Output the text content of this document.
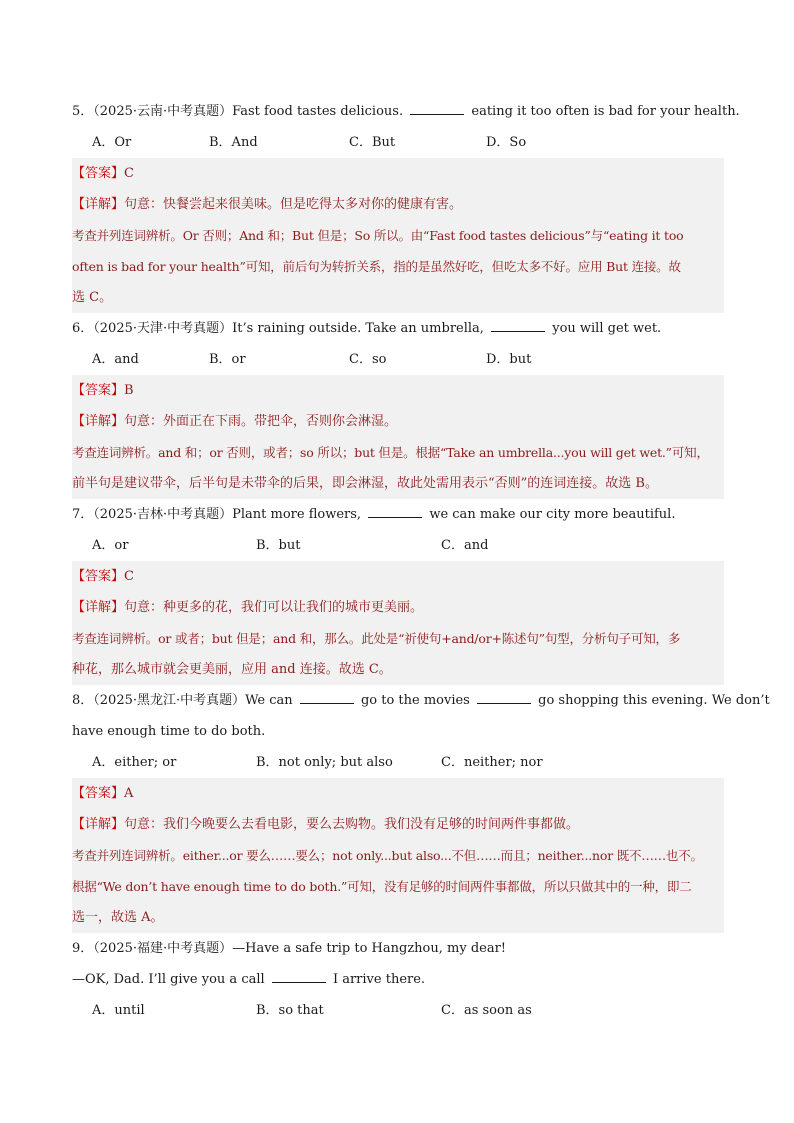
5．（2025·云南·中考真题）Fast food tastes delicious.	eating it too often is bad for your health.
A．Or	B．And	C．But	D．So
【答案】C
【详解】句意：快餐尝起来很美味。但是吃得太多对你的健康有害。
考查并列连词辨析。Or 否则；And 和；But 但是；So 所以。由“Fast food tastes delicious”与“eating it too
often is bad for your health”可知，前后句为转折关系，指的是虽然好吃，但吃太多不好。应用 But 连接。故
选 C。
6．（2025·天津·中考真题）It’s raining outside. Take an umbrella,	you will get wet.
A．and	B．or	C．so	D．but
【答案】B
【详解】句意：外面正在下雨。带把伞，否则你会淋湿。
考查连词辨析。and 和；or 否则，或者；so 所以；but 但是。根据“Take an umbrella...you will get wet.”可知，
前半句是建议带伞，后半句是未带伞的后果，即会淋湿，故此处需用表示“否则”的连词连接。故选 B。
7．（2025·吉林·中考真题）Plant more flowers,	we can make our city more beautiful.
A．or	B．but	C．and
【答案】C
【详解】句意：种更多的花，我们可以让我们的城市更美丽。
考查连词辨析。or 或者；but 但是；and 和，那么。此处是“祈使句+and/or+陈述句”句型，分析句子可知，多
种花，那么城市就会更美丽，应用 and 连接。故选 C。
8．（2025·黑龙江·中考真题）We can	go to the movies	go shopping this evening. We don’t
have enough time to do both.
A．either; or	B．not only; but also	C．neither; nor
【答案】A
【详解】句意：我们今晚要么去看电影，要么去购物。我们没有足够的时间两件事都做。
考查并列连词辨析。either...or 要么……要么；not only...but also...不但……而且；neither...nor 既不……也不。
根据“We don’t have enough time to do both.”可知，没有足够的时间两件事都做，所以只做其中的一种，即二
选一，故选 A。
9．（2025·福建·中考真题）—Have a safe trip to Hangzhou, my dear!
—OK, Dad. I’ll give you a call	I arrive there.
A．until	B．so that	C．as soon as
